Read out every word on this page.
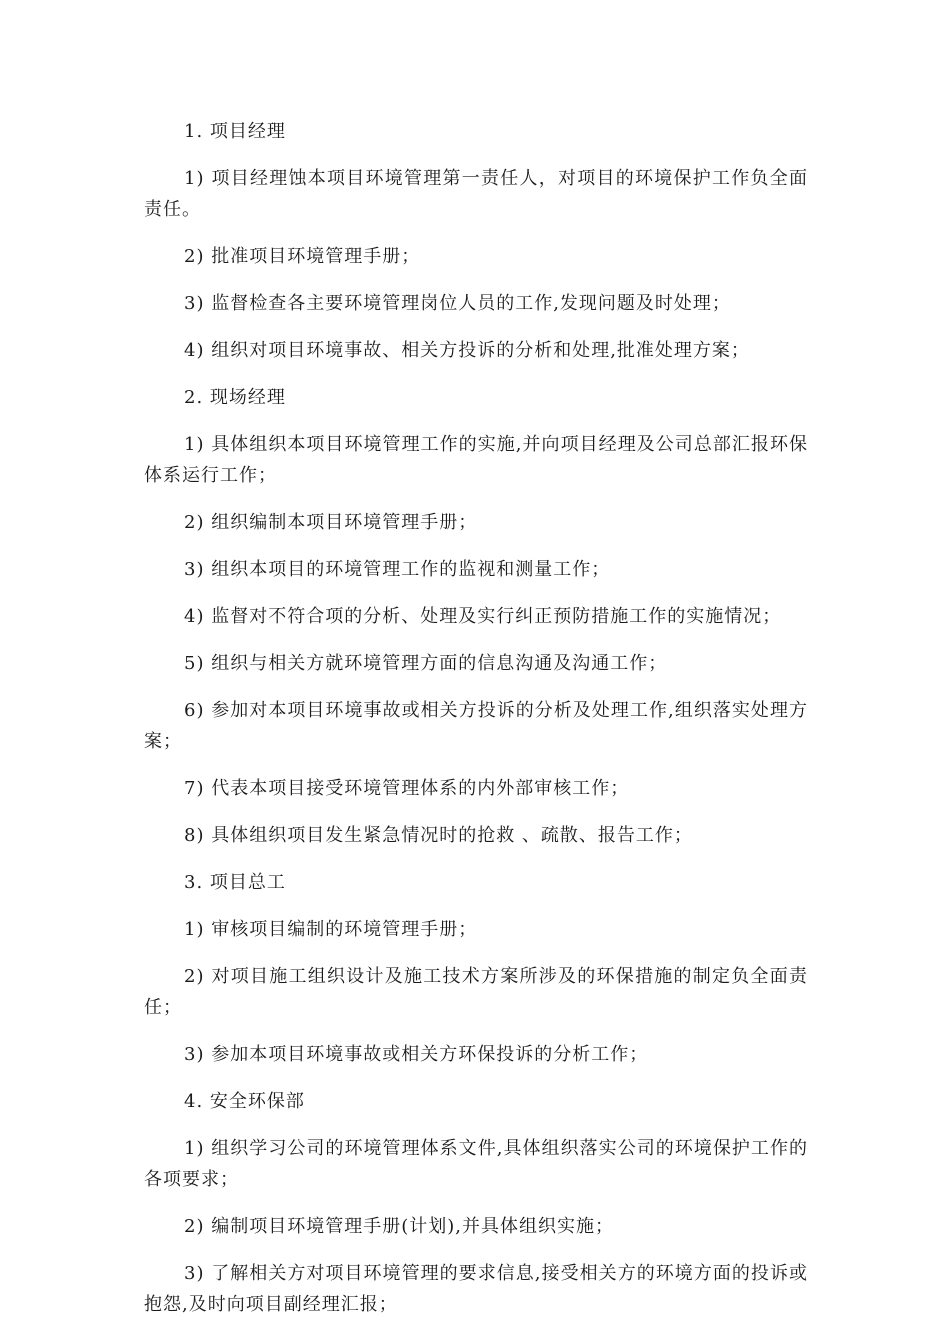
1. 项目经理

1) 项目经理蚀本项目环境管理第一责任人，对项目的环境保护工作负全面责任。

2) 批准项目环境管理手册；

3) 监督检查各主要环境管理岗位人员的工作,发现问题及时处理；

4) 组织对项目环境事故、相关方投诉的分析和处理,批准处理方案；

2. 现场经理

1) 具体组织本项目环境管理工作的实施,并向项目经理及公司总部汇报环保体系运行工作；

2) 组织编制本项目环境管理手册；

3) 组织本项目的环境管理工作的监视和测量工作；

4) 监督对不符合项的分析、处理及实行纠正预防措施工作的实施情况；

5) 组织与相关方就环境管理方面的信息沟通及沟通工作；

6) 参加对本项目环境事故或相关方投诉的分析及处理工作,组织落实处理方案；

7) 代表本项目接受环境管理体系的内外部审核工作；

8) 具体组织项目发生紧急情况时的抢救 、疏散、报告工作；

3. 项目总工

1) 审核项目编制的环境管理手册；

2) 对项目施工组织设计及施工技术方案所涉及的环保措施的制定负全面责任；

3) 参加本项目环境事故或相关方环保投诉的分析工作；

4. 安全环保部

1) 组织学习公司的环境管理体系文件,具体组织落实公司的环境保护工作的各项要求；

2) 编制项目环境管理手册(计划),并具体组织实施；

3) 了解相关方对项目环境管理的要求信息,接受相关方的环境方面的投诉或抱怨,及时向项目副经理汇报；
